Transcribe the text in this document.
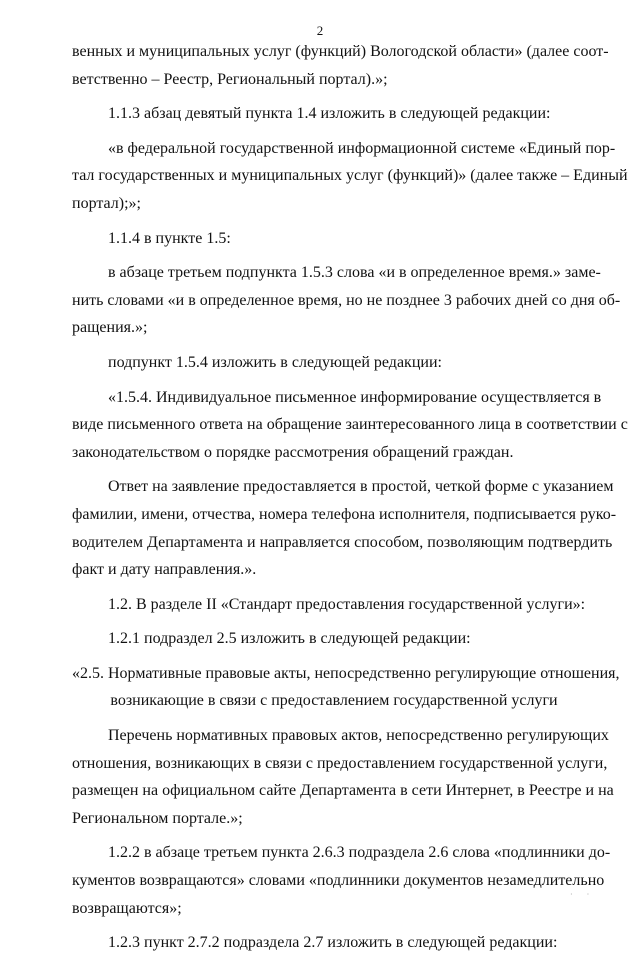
2
венных и муниципальных услуг (функций) Вологодской области» (далее соот-
ветственно – Реестр, Региональный портал).»;
1.1.3 абзац девятый пункта 1.4 изложить в следующей редакции:
«в федеральной государственной информационной системе «Единый пор-
тал государственных и муниципальных услуг (функций)» (далее также – Единый
портал);»;
1.1.4 в пункте 1.5:
в абзаце третьем подпункта 1.5.3 слова «и в определенное время.» заме-
нить словами «и в определенное время, но не позднее 3 рабочих дней со дня об-
ращения.»;
подпункт 1.5.4 изложить в следующей редакции:
«1.5.4. Индивидуальное письменное информирование осуществляется в
виде письменного ответа на обращение заинтересованного лица в соответствии с
законодательством о порядке рассмотрения обращений граждан.
Ответ на заявление предоставляется в простой, четкой форме с указанием
фамилии, имени, отчества, номера телефона исполнителя, подписывается руко-
водителем Департамента и направляется способом, позволяющим подтвердить
факт и дату направления.».
1.2. В разделе II «Стандарт предоставления государственной услуги»:
1.2.1 подраздел 2.5 изложить в следующей редакции:
«2.5. Нормативные правовые акты, непосредственно регулирующие отношения,
возникающие в связи с предоставлением государственной услуги
Перечень нормативных правовых актов, непосредственно регулирующих
отношения, возникающих в связи с предоставлением государственной услуги,
размещен на официальном сайте Департамента в сети Интернет, в Реестре и на
Региональном портале.»;
1.2.2 в абзаце третьем пункта 2.6.3 подраздела 2.6 слова «подлинники до-
кументов возвращаются» словами «подлинники документов незамедлительно
возвращаются»;
1.2.3 пункт 2.7.2 подраздела 2.7 изложить в следующей редакции:
· ·
